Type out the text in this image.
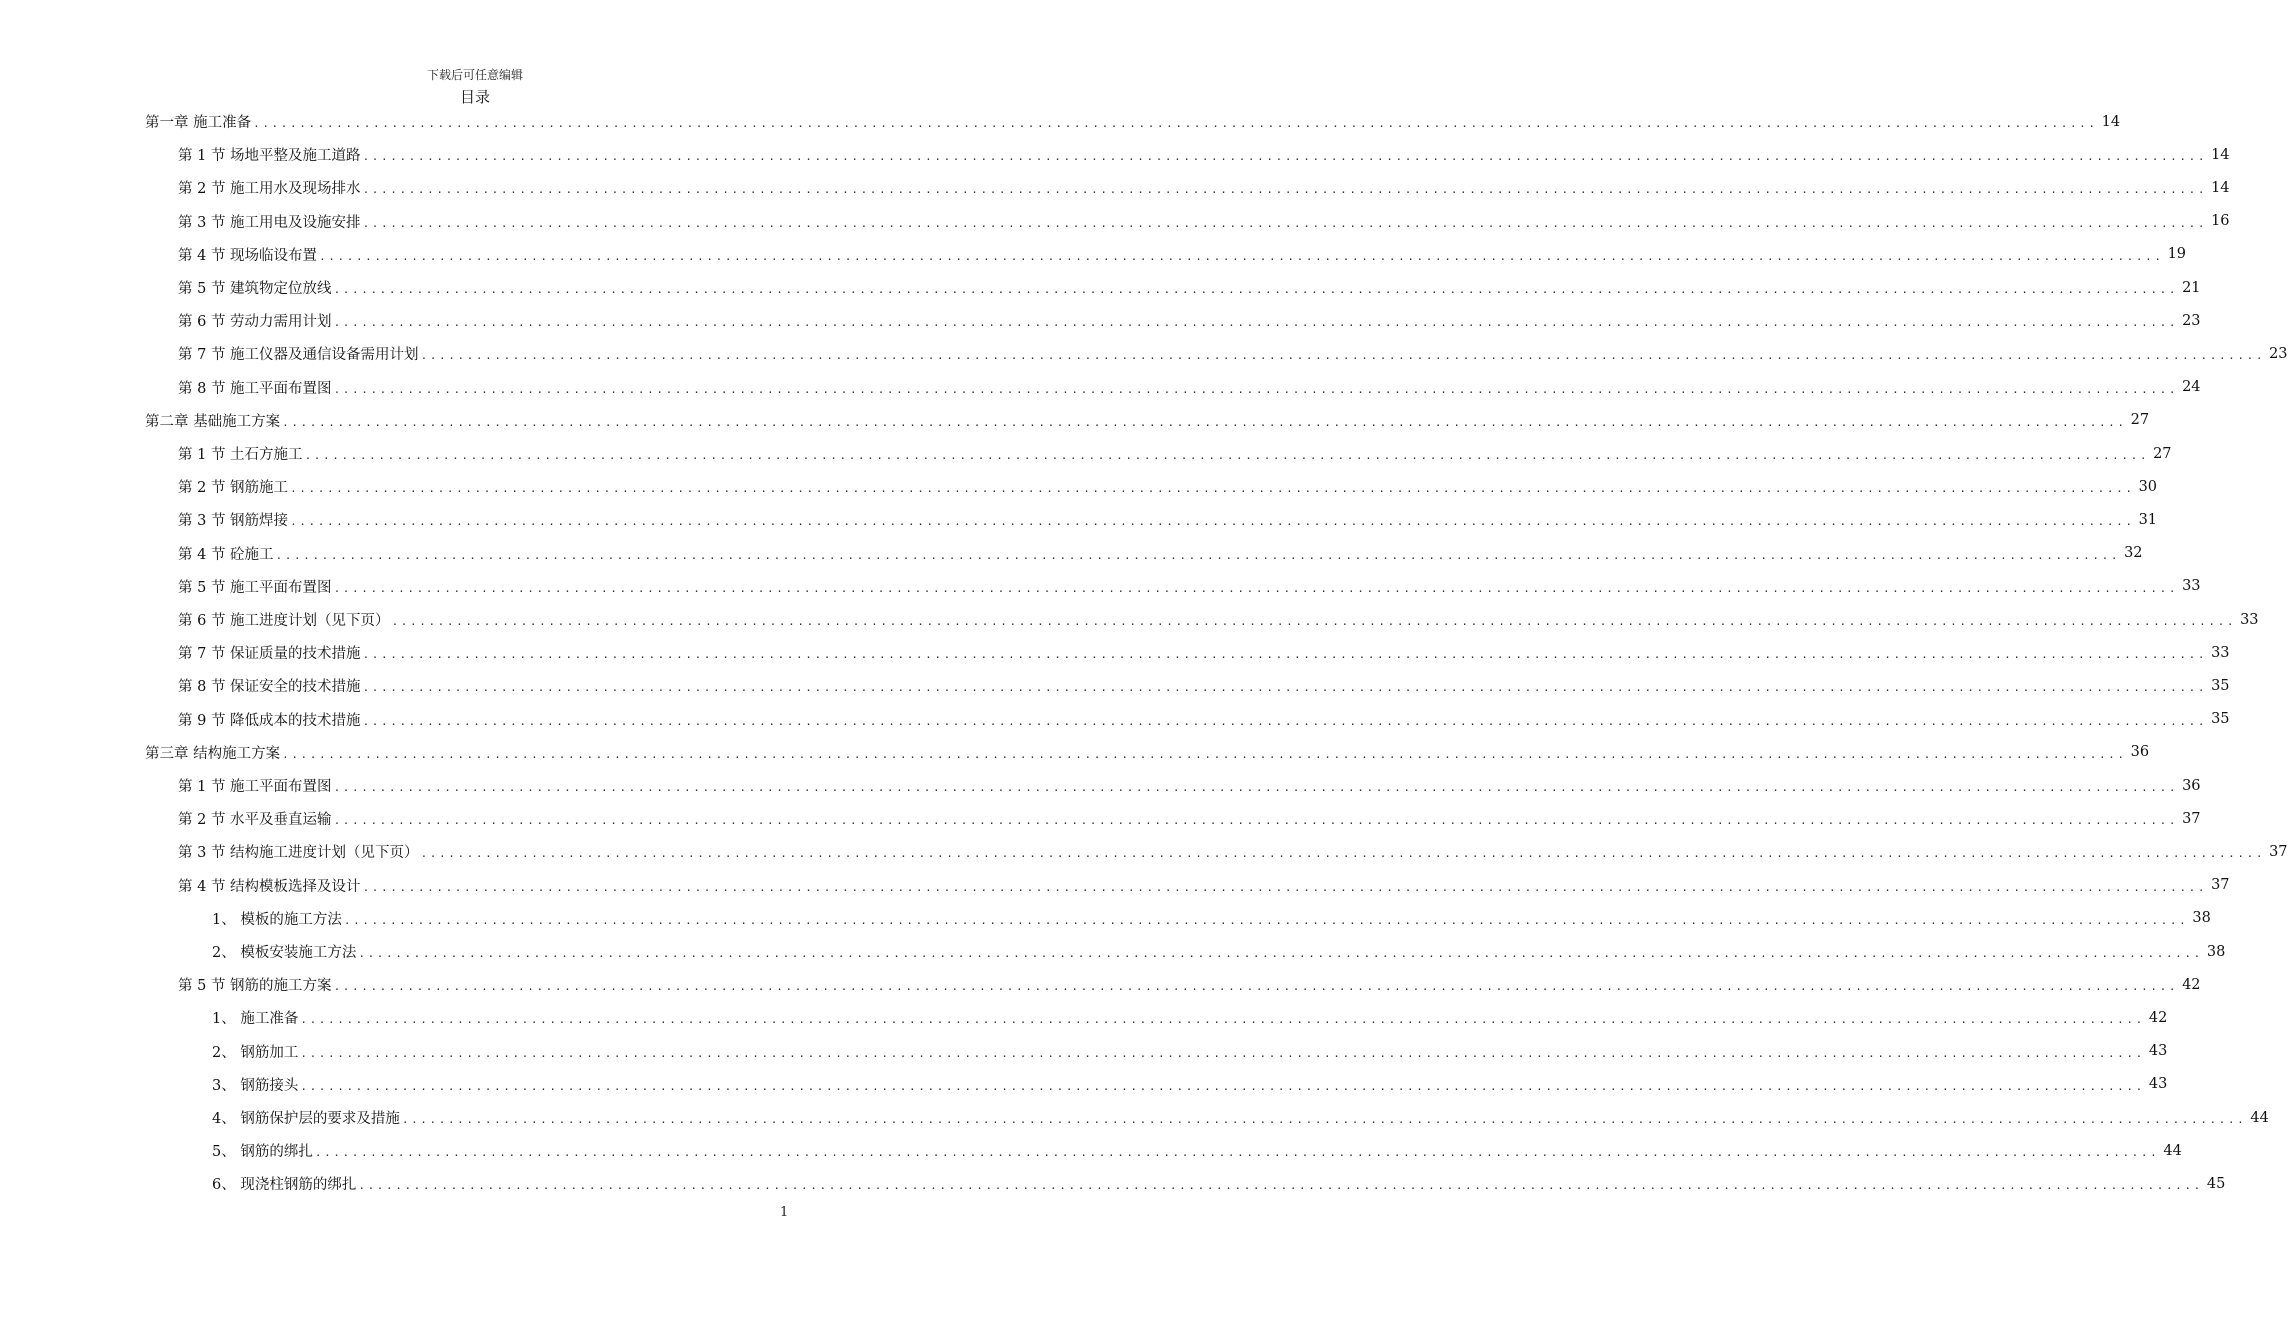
下载后可任意编辑
目录
第一章 施工准备 ........................................................................................................................................................................................................ 14
第 1 节 场地平整及施工道路 ........................................................................................................................................................................................................ 14
第 2 节 施工用水及现场排水 ........................................................................................................................................................................................................ 14
第 3 节 施工用电及设施安排 ........................................................................................................................................................................................................ 16
第 4 节 现场临设布置 ........................................................................................................................................................................................................ 19
第 5 节 建筑物定位放线 ........................................................................................................................................................................................................ 21
第 6 节 劳动力需用计划 ........................................................................................................................................................................................................ 23
第 7 节 施工仪器及通信设备需用计划 ........................................................................................................................................................................................................ 23
第 8 节 施工平面布置图 ........................................................................................................................................................................................................ 24
第二章 基础施工方案 ........................................................................................................................................................................................................ 27
第 1 节 土石方施工 ........................................................................................................................................................................................................ 27
第 2 节 钢筋施工 ........................................................................................................................................................................................................ 30
第 3 节 钢筋焊接 ........................................................................................................................................................................................................ 31
第 4 节 砼施工 ........................................................................................................................................................................................................ 32
第 5 节 施工平面布置图 ........................................................................................................................................................................................................ 33
第 6 节 施工进度计划（见下页） ........................................................................................................................................................................................................ 33
第 7 节 保证质量的技术措施 ........................................................................................................................................................................................................ 33
第 8 节 保证安全的技术措施 ........................................................................................................................................................................................................ 35
第 9 节 降低成本的技术措施 ........................................................................................................................................................................................................ 35
第三章 结构施工方案 ........................................................................................................................................................................................................ 36
第 1 节 施工平面布置图 ........................................................................................................................................................................................................ 36
第 2 节 水平及垂直运输 ........................................................................................................................................................................................................ 37
第 3 节 结构施工进度计划（见下页） ........................................................................................................................................................................................................ 37
第 4 节 结构模板选择及设计 ........................................................................................................................................................................................................ 37
1、 模板的施工方法 ........................................................................................................................................................................................................ 38
2、 模板安装施工方法 ........................................................................................................................................................................................................ 38
第 5 节 钢筋的施工方案 ........................................................................................................................................................................................................ 42
1、 施工准备 ........................................................................................................................................................................................................ 42
2、 钢筋加工 ........................................................................................................................................................................................................ 43
3、 钢筋接头 ........................................................................................................................................................................................................ 43
4、 钢筋保护层的要求及措施 ........................................................................................................................................................................................................ 44
5、 钢筋的绑扎 ........................................................................................................................................................................................................ 44
6、 现浇柱钢筋的绑扎 ........................................................................................................................................................................................................ 45
1
